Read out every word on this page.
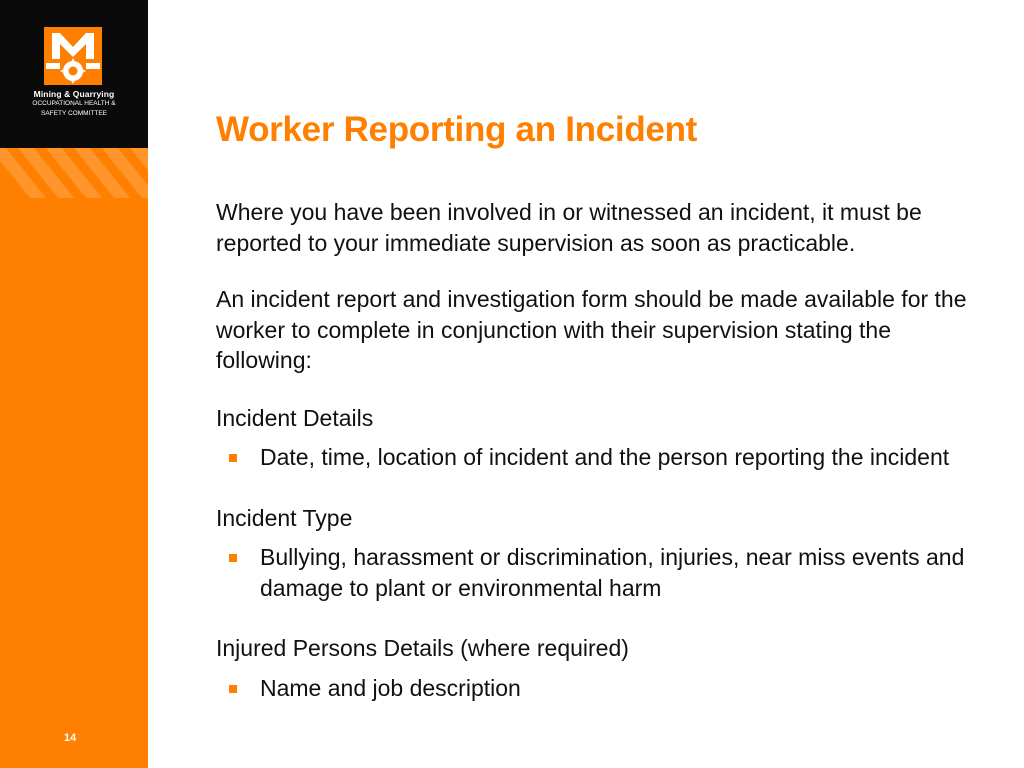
Mining & Quarrying
OCCUPATIONAL HEALTH &
SAFETY COMMITTEE
14
Worker Reporting an Incident

Where you have been involved in or witnessed an incident, it must be reported to your immediate supervision as soon as practicable.

An incident report and investigation form should be made available for the worker to complete in conjunction with their supervision stating the following:

Incident Details

Date, time, location of incident and the person reporting the incident

Incident Type

Bullying, harassment or discrimination, injuries, near miss events and damage to plant or environmental harm

Injured Persons Details (where required)

Name and job description
